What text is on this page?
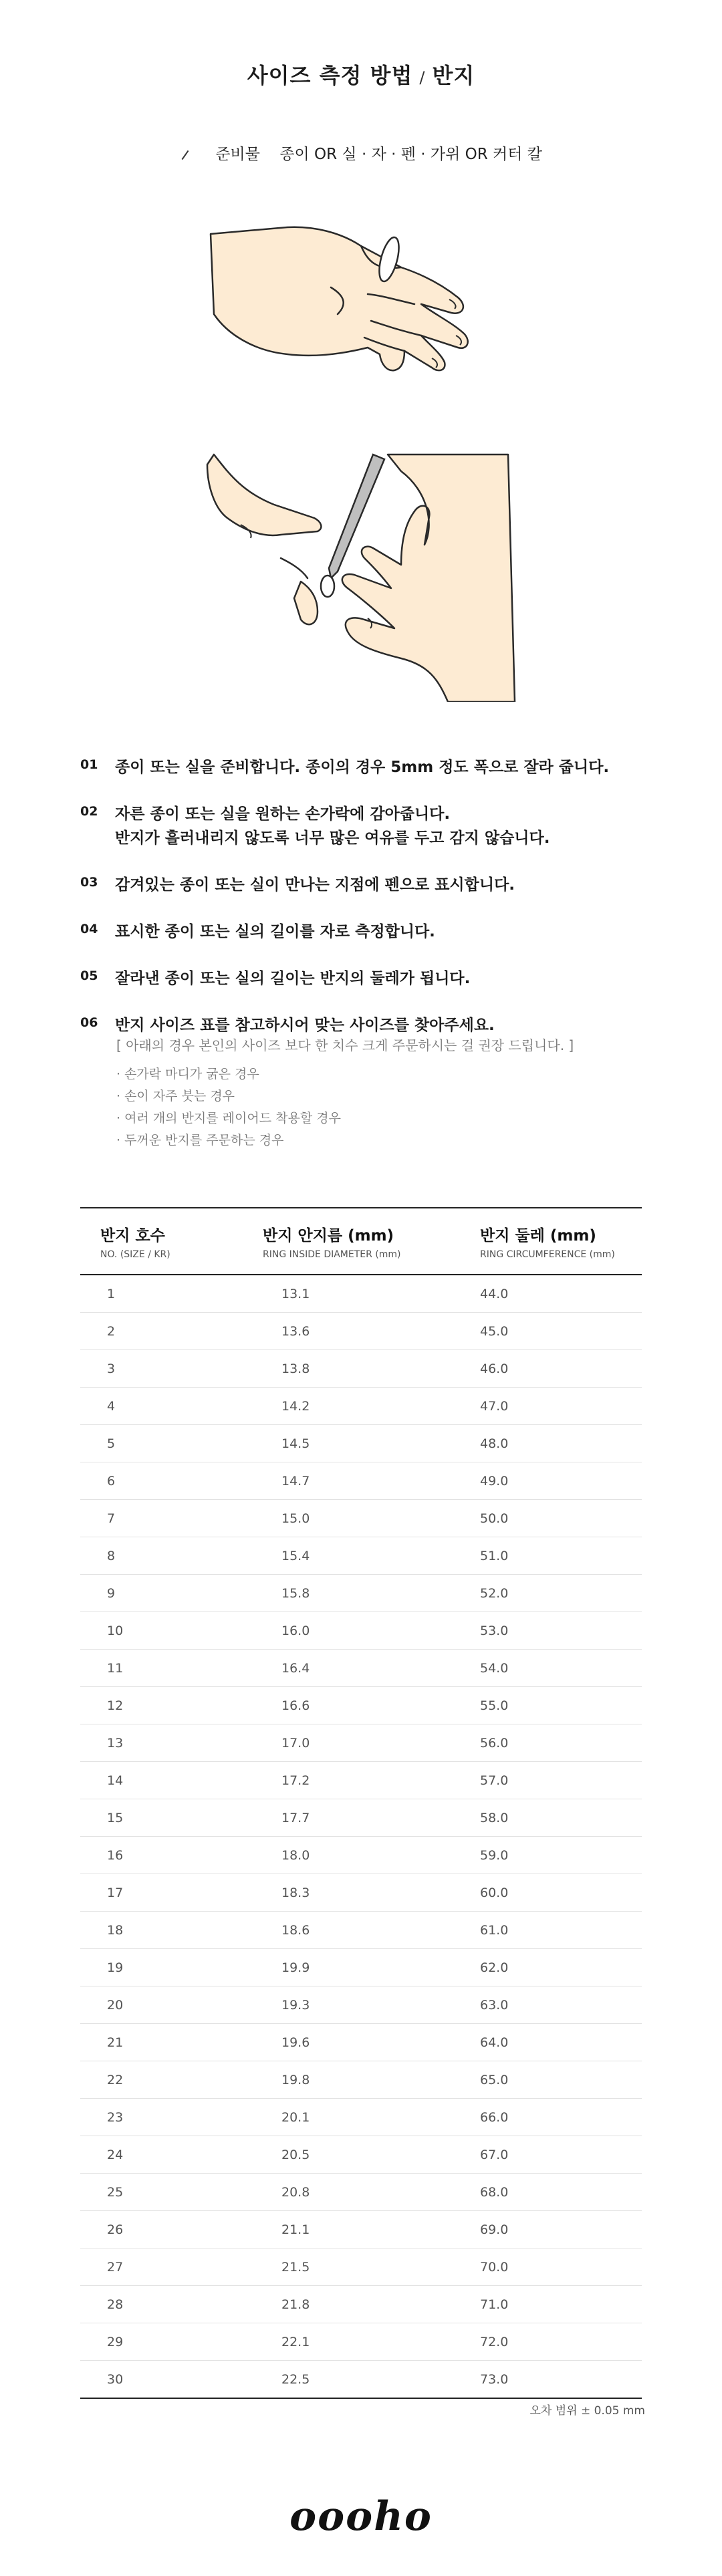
사이즈 측정 방법 / 반지
준비물 종이 OR 실 · 자 · 펜 · 가위 OR 커터 칼
01	종이 또는 실을 준비합니다. 종이의 경우 5mm 정도 폭으로 잘라 줍니다.
02	자른 종이 또는 실을 원하는 손가락에 감아줍니다.
반지가 흘러내리지 않도록 너무 많은 여유를 두고 감지 않습니다.
03	감겨있는 종이 또는 실이 만나는 지점에 펜으로 표시합니다.
04	표시한 종이 또는 실의 길이를 자로 측정합니다.
05	잘라낸 종이 또는 실의 길이는 반지의 둘레가 됩니다.
06	반지 사이즈 표를 참고하시어 맞는 사이즈를 찾아주세요.
[ 아래의 경우 본인의 사이즈 보다 한 치수 크게 주문하시는 걸 권장 드립니다. ]
· 손가락 마디가 굵은 경우
· 손이 자주 붓는 경우
· 여러 개의 반지를 레이어드 착용할 경우
· 두꺼운 반지를 주문하는 경우
반지 호수
NO. (SIZE / KR)
반지 안지름 (mm)
RING INSIDE DIAMETER (mm)
반지 둘레 (mm)
RING CIRCUMFERENCE (mm)
1	13.1	44.0
2	13.6	45.0
3	13.8	46.0
4	14.2	47.0
5	14.5	48.0
6	14.7	49.0
7	15.0	50.0
8	15.4	51.0
9	15.8	52.0
10	16.0	53.0
11	16.4	54.0
12	16.6	55.0
13	17.0	56.0
14	17.2	57.0
15	17.7	58.0
16	18.0	59.0
17	18.3	60.0
18	18.6	61.0
19	19.9	62.0
20	19.3	63.0
21	19.6	64.0
22	19.8	65.0
23	20.1	66.0
24	20.5	67.0
25	20.8	68.0
26	21.1	69.0
27	21.5	70.0
28	21.8	71.0
29	22.1	72.0
30	22.5	73.0
오차 범위 ± 0.05 mm
oooho
